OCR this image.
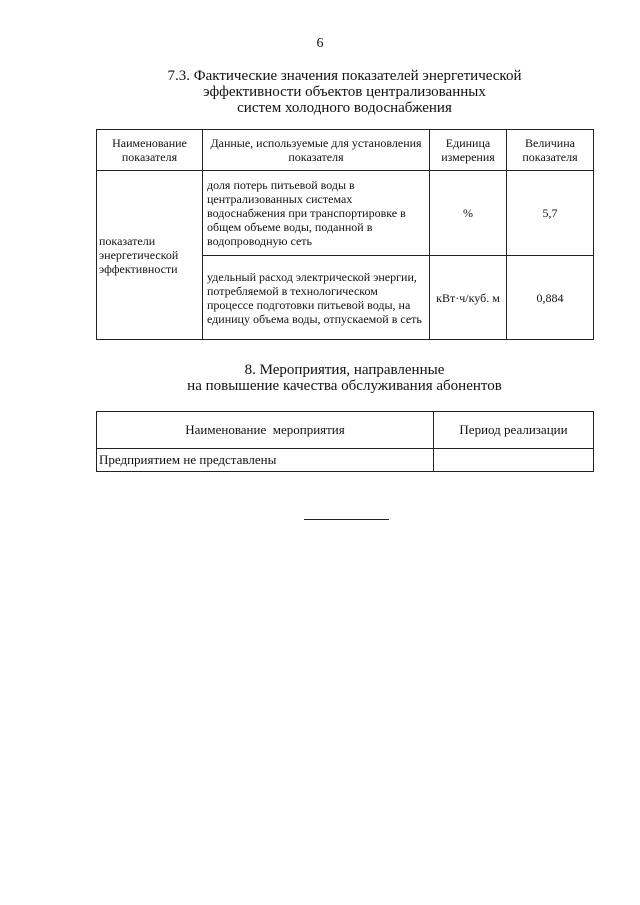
6
7.3. Фактические значения показателей энергетической
эффективности объектов централизованных
систем холодного водоснабжения
Наименование показателя	Данные, используемые для установления показателя	Единица измерения	Величина показателя
показатели энергетической эффективности	доля потерь питьевой воды в централизованных системах водоснабжения при транспортировке в общем объеме воды, поданной в водопроводную сеть	%	5,7
	удельный расход электрической энергии, потребляемой в технологическом процессе подготовки питьевой воды, на единицу объема воды, отпускаемой в сеть	кВт·ч/куб. м	0,884
8. Мероприятия, направленные
на повышение качества обслуживания абонентов
Наименование  мероприятия	Период реализации
Предприятием не представлены	
